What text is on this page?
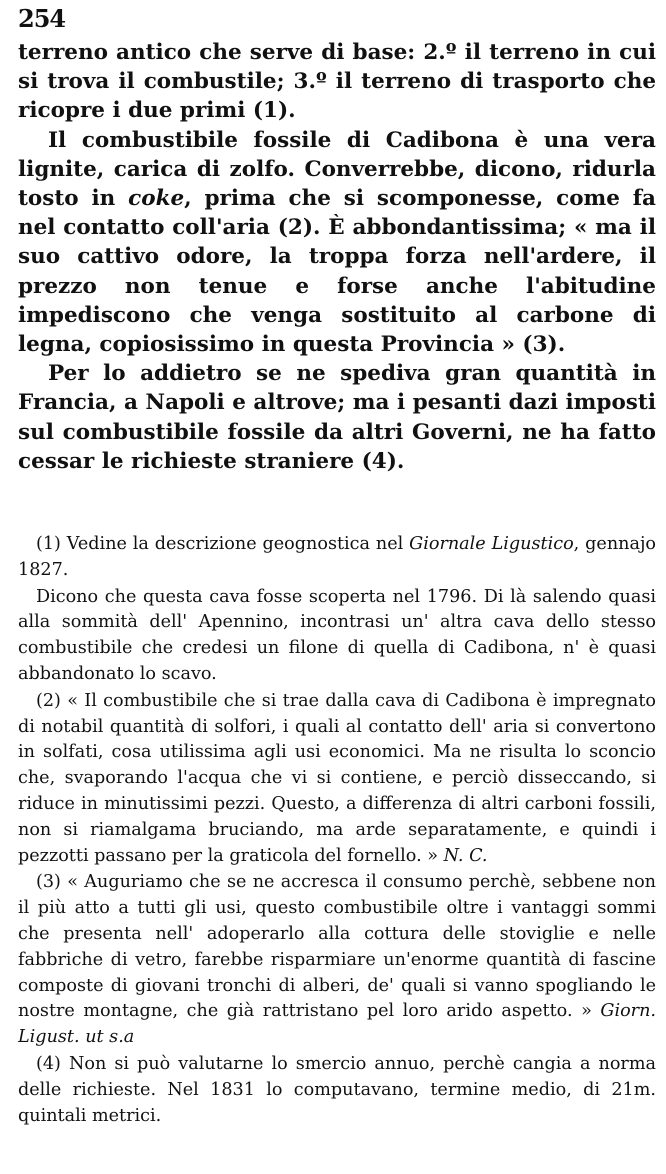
254

terreno antico che serve di base: 2.º il terreno in cui si trova il combustile; 3.º il terreno di trasporto che ricopre i due primi (1).

Il combustibile fossile di Cadibona è una vera lignite, carica di zolfo. Converrebbe, dicono, ridurla tosto in coke, prima che si scomponesse, come fa nel contatto coll'aria (2). È abbondantissima; « ma il suo cattivo odore, la troppa forza nell'ardere, il prezzo non tenue e forse anche l'abitudine impediscono che venga sostituito al carbone di legna, copiosissimo in questa Provincia » (3).

Per lo addietro se ne spediva gran quantità in Francia, a Napoli e altrove; ma i pesanti dazi imposti sul combustibile fossile da altri Governi, ne ha fatto cessar le richieste straniere (4).

(1) Vedine la descrizione geognostica nel Giornale Ligustico, gennajo 1827.

Dicono che questa cava fosse scoperta nel 1796. Di là salendo quasi alla sommità dell' Apennino, incontrasi un' altra cava dello stesso combustibile che credesi un filone di quella di Cadibona, n' è quasi abbandonato lo scavo.

(2) « Il combustibile che si trae dalla cava di Cadibona è impregnato di notabil quantità di solfori, i quali al contatto dell' aria si convertono in solfati, cosa utilissima agli usi economici. Ma ne risulta lo sconcio che, svaporando l'acqua che vi si contiene, e perciò disseccando, si riduce in minutissimi pezzi. Questo, a differenza di altri carboni fossili, non si riamalgama bruciando, ma arde separatamente, e quindi i pezzotti passano per la graticola del fornello. » N. C.

(3) « Auguriamo che se ne accresca il consumo perchè, sebbene non il più atto a tutti gli usi, questo combustibile oltre i vantaggi sommi che presenta nell' adoperarlo alla cottura delle stoviglie e nelle fabbriche di vetro, farebbe risparmiare un'enorme quantità di fascine composte di giovani tronchi di alberi, de' quali si vanno spogliando le nostre montagne, che già rattristano pel loro arido aspetto. » Giorn. Ligust. ut s.a

(4) Non si può valutarne lo smercio annuo, perchè cangia a norma delle richieste. Nel 1831 lo computavano, termine medio, di 21m. quintali metrici.
